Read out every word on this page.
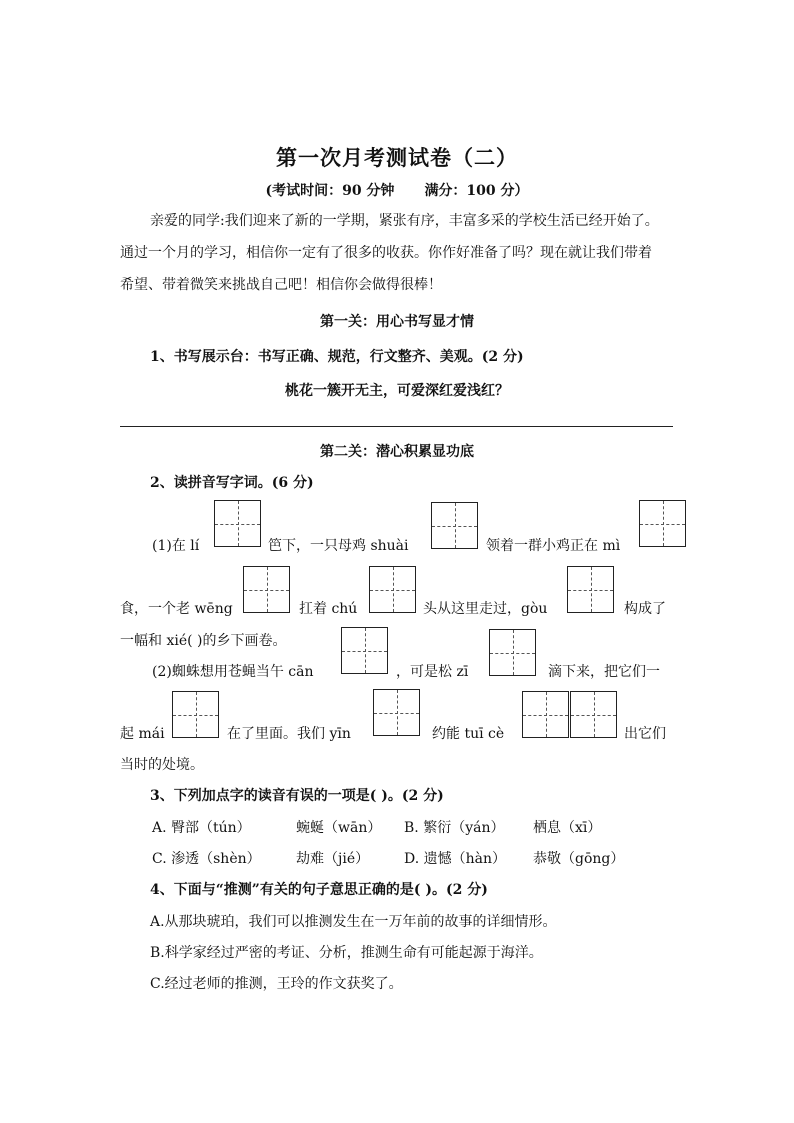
第一次月考测试卷（二）
(考试时间：90 分钟 满分：100 分）
亲爱的同学:我们迎来了新的一学期，紧张有序，丰富多采的学校生活已经开始了。
通过一个月的学习，相信你一定有了很多的收获。你作好准备了吗？现在就让我们带着
希望、带着微笑来挑战自己吧！相信你会做得很棒！
第一关：用心书写显才情
1、书写展示台：书写正确、规范，行文整齐、美观。(2 分)
桃花一簇开无主，可爱深红爱浅红？
第二关：潜心积累显功底
2、读拼音写字词。(6 分)
(1)在 lí	笆下，一只母鸡 shuài	领着一群小鸡正在 mì
食，一个老 wēng	扛着 chú	头从这里走过，gòu	构成了
一幅和 xié( )的乡下画卷。
(2)蜘蛛想用苍蝇当午 cān	，可是松 zī	滴下来，把它们一
起 mái	在了里面。我们 yīn	约能 tuī cè	出它们
当时的处境。
3、下列加点字的读音有误的一项是( )。(2 分)
A. 臀部（tún）	蜿蜒（wān） B. 繁衍（yán） 栖息（xī）
C. 渗透（shèn）	劫难（jié） D. 遗憾（hàn） 恭敬（gōng）
4、下面与“推测”有关的句子意思正确的是( )。(2 分)
A.从那块琥珀，我们可以推测发生在一万年前的故事的详细情形。
B.科学家经过严密的考证、分析，推测生命有可能起源于海洋。
C.经过老师的推测，王玲的作文获奖了。
